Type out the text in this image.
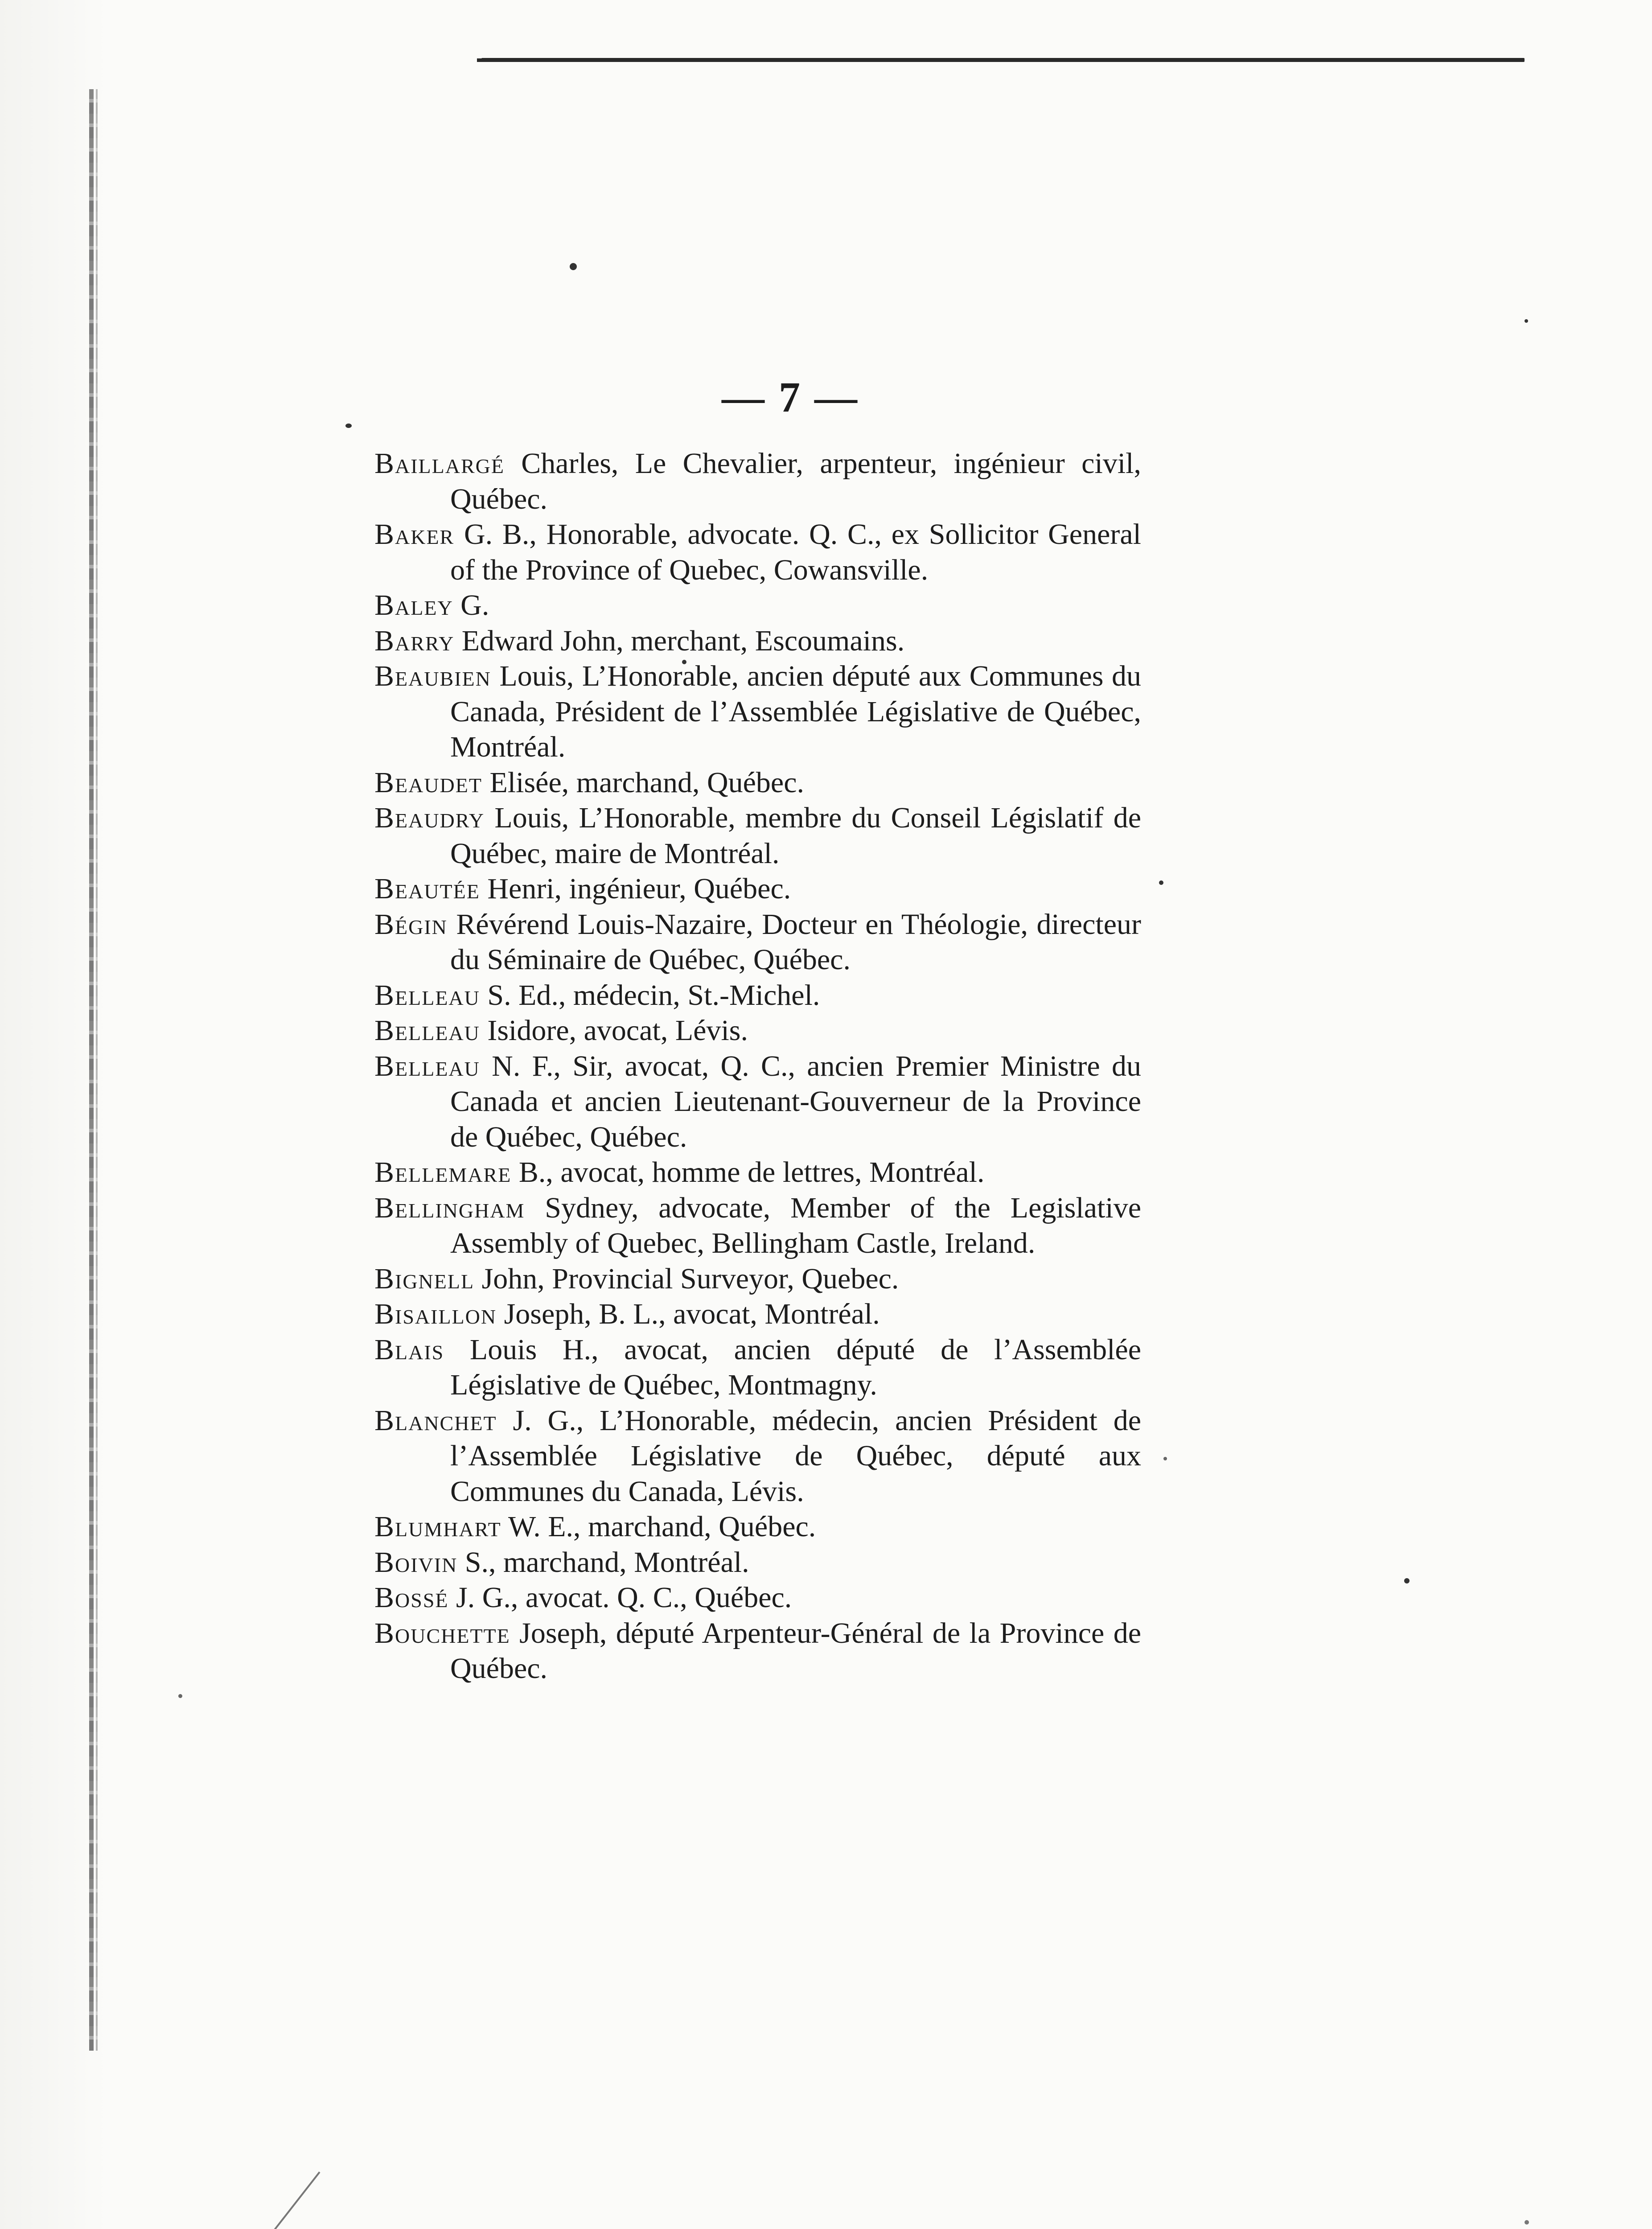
— 7 —
Baillargé Charles, Le Chevalier, arpenteur, ingénieur civil, Québec.
Baker G. B., Honorable, advocate. Q. C., ex Sollicitor General of the Province of Quebec, Cowansville.
Baley G.
Barry Edward John, merchant, Escoumains.
Beaubien Louis, L’Honorable, ancien député aux Communes du Canada, Président de l’Assemblée Législative de Québec, Montréal.
Beaudet Elisée, marchand, Québec.
Beaudry Louis, L’Honorable, membre du Conseil Législatif de Québec, maire de Montréal.
Beautée Henri, ingénieur, Québec.
Bégin Révérend Louis-Nazaire, Docteur en Théologie, directeur du Séminaire de Québec, Québec.
Belleau S. Ed., médecin, St.-Michel.
Belleau Isidore, avocat, Lévis.
Belleau N. F., Sir, avocat, Q. C., ancien Premier Ministre du Canada et ancien Lieutenant-Gouverneur de la Province de Québec, Québec.
Bellemare B., avocat, homme de lettres, Montréal.
Bellingham Sydney, advocate, Member of the Legislative Assembly of Quebec, Bellingham Castle, Ireland.
Bignell John, Provincial Surveyor, Quebec.
Bisaillon Joseph, B. L., avocat, Montréal.
Blais Louis H., avocat, ancien député de l’Assemblée Législative de Québec, Montmagny.
Blanchet J. G., L’Honorable, médecin, ancien Président de l’Assemblée Législative de Québec, député aux Communes du Canada, Lévis.
Blumhart W. E., marchand, Québec.
Boivin S., marchand, Montréal.
Bossé J. G., avocat. Q. C., Québec.
Bouchette Joseph, député Arpenteur-Général de la Province de Québec.
